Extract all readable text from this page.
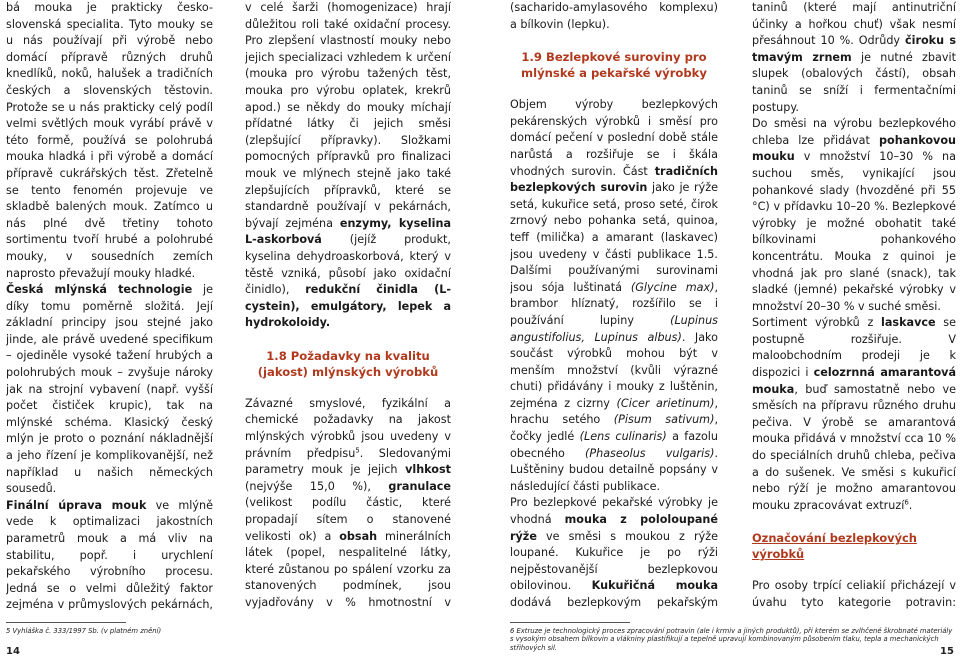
bá mouka je prakticky česko-slovenská specialita. Tyto mouky se u nás používají při výrobě nebo domácí přípravě různých druhů knedlíků, noků, halušek a tradičních českých a slovenských těstovin. Protože se u nás prakticky celý podíl velmi světlých mouk vyrábí právě v této formě, používá se polohrubá mouka hladká i při výrobě a domácí přípravě cukrářských těst. Zřetelně se tento fenomén projevuje ve skladbě balených mouk. Zatímco u nás plné dvě třetiny tohoto sortimentu tvoří hrubé a polohrubé mouky, v sousedních zemích naprosto převažují mouky hladké.

Česká mlýnská technologie je díky tomu poměrně složitá. Její základní principy jsou stejné jako jinde, ale právě uvedené specifikum – ojediněle vysoké tažení hrubých a polohrubých mouk – zvyšuje nároky jak na strojní vybavení (např. vyšší počet čističek krupic), tak na mlýnské schéma. Klasický český mlýn je proto o poznání nákladnější a jeho řízení je komplikovanější, než například u našich německých sousedů.

Finální úprava mouk ve mlýně vede k optimalizaci jakostních parametrů mouk a má vliv na stabilitu, popř. i urychlení pekařského výrobního procesu. Jedná se o velmi důležitý faktor zejména v průmyslových pekárnách,

v celé šarži (homogenizace) hrají důležitou roli také oxidační procesy. Pro zlepšení vlastností mouky nebo jejich specializaci vzhledem k určení (mouka pro výrobu tažených těst, mouka pro výrobu oplatek, krekrů apod.) se někdy do mouky míchají přídatné látky či jejich směsi (zlepšující přípravky). Složkami pomocných přípravků pro finalizaci mouk ve mlýnech stejně jako také zlepšujících přípravků, které se standardně používají v pekárnách, bývají zejména enzymy, kyselina L-askorbová (jejíž produkt, kyselina dehydroaskorbová, který v těstě vzniká, působí jako oxidační činidlo), redukční činidla (L-cystein), emulgátory, lepek a hydrokoloidy.

1.8 Požadavky na kvalitu (jakost) mlýnských výrobků

Závazné smyslové, fyzikální a chemické požadavky na jakost mlýnských výrobků jsou uvedeny v právním předpisu$^5$. Sledovanými parametry mouk je jejich vlhkost (nejvýše 15,0 %), granulace (velikost podílu částic, které propadají sítem o stanovené velikosti ok) a obsah minerálních látek (popel, nespalitelné látky, které zůstanou po spálení vzorku za stanovených podmínek, jsou vyjadřovány v % hmotnostní v

(sacharido-amylasového komplexu) a bílkovin (lepku).

1.9 Bezlepkové suroviny pro mlýnské a pekařské výrobky

Objem výroby bezlepkových pekárenských výrobků i směsí pro domácí pečení v poslední době stále narůstá a rozšiřuje se i škála vhodných surovin. Část tradičních bezlepkových surovin jako je rýže setá, kukuřice setá, proso seté, čirok zrnový nebo pohanka setá, quinoa, teff (milička) a amarant (laskavec) jsou uvedeny v části publikace 1.5. Dalšími používanými surovinami jsou sója luštinatá (Glycine max), brambor hlíznatý, rozšířilo se i používání lupiny (Lupinus angustifolius, Lupinus albus). Jako součást výrobků mohou být v menším množství (kvůli výrazné chuti) přidávány i mouky z luštěnin, zejména z cizrny (Cicer arietinum), hrachu setého (Pisum sativum), čočky jedlé (Lens culinaris) a fazolu obecného (Phaseolus vulgaris). Luštěniny budou detailně popsány v následující části publikace.

Pro bezlepkové pekařské výrobky je vhodná mouka z pololoupané rýže ve směsi s moukou z rýže loupané. Kukuřice je po rýži nejpěstovanější bezlepkovou obilovinou. Kukuřičná mouka dodává bezlepkovým pekařským

taninů (které mají antinutriční účinky a hořkou chuť) však nesmí přesáhnout 10 %. Odrůdy čiroku s tmavým zrnem je nutné zbavit slupek (obalových částí), obsah taninů se sníží i fermentačními postupy.

Do směsi na výrobu bezlepkového chleba lze přidávat pohankovou mouku v množství 10–30 % na suchou směs, vynikající jsou pohankové slady (hvozděné při 55 °C) v přídavku 10–20 %. Bezlepkové výrobky je možné obohatit také bílkovinami pohankového koncentrátu. Mouka z quinoi je vhodná jak pro slané (snack), tak sladké (jemné) pekařské výrobky v množství 20–30 % v suché směsi.

Sortiment výrobků z laskavce se postupně rozšiřuje. V maloobchodním prodeji je k dispozici i celozrnná amarantová mouka, buď samostatně nebo ve směsích na přípravu různého druhu pečiva. V ýrobě se amarantová mouka přidává v množství cca 10 % do speciálních druhů chleba, pečiva a do sušenek. Ve směsi s kukuřicí nebo rýží je možno amarantovou mouku zpracovávat extruzí$^6$.

Označování bezlepkových výrobků

Pro osoby trpící celiakií přicházejí v úvahu tyto kategorie potravin:

5 Vyhláška č. 333/1997 Sb. (v platném znění)
14
6 Extruze je technologický proces zpracování potravin (ale i krmiv a jiných produktů), při kterém se zvlhčené škrobnaté materiály s vysokým obsahem bílkovin a vlákniny plastifikují a tepelně upravují kombinovaným působením tlaku, tepla a mechanických střihových sil.	15
